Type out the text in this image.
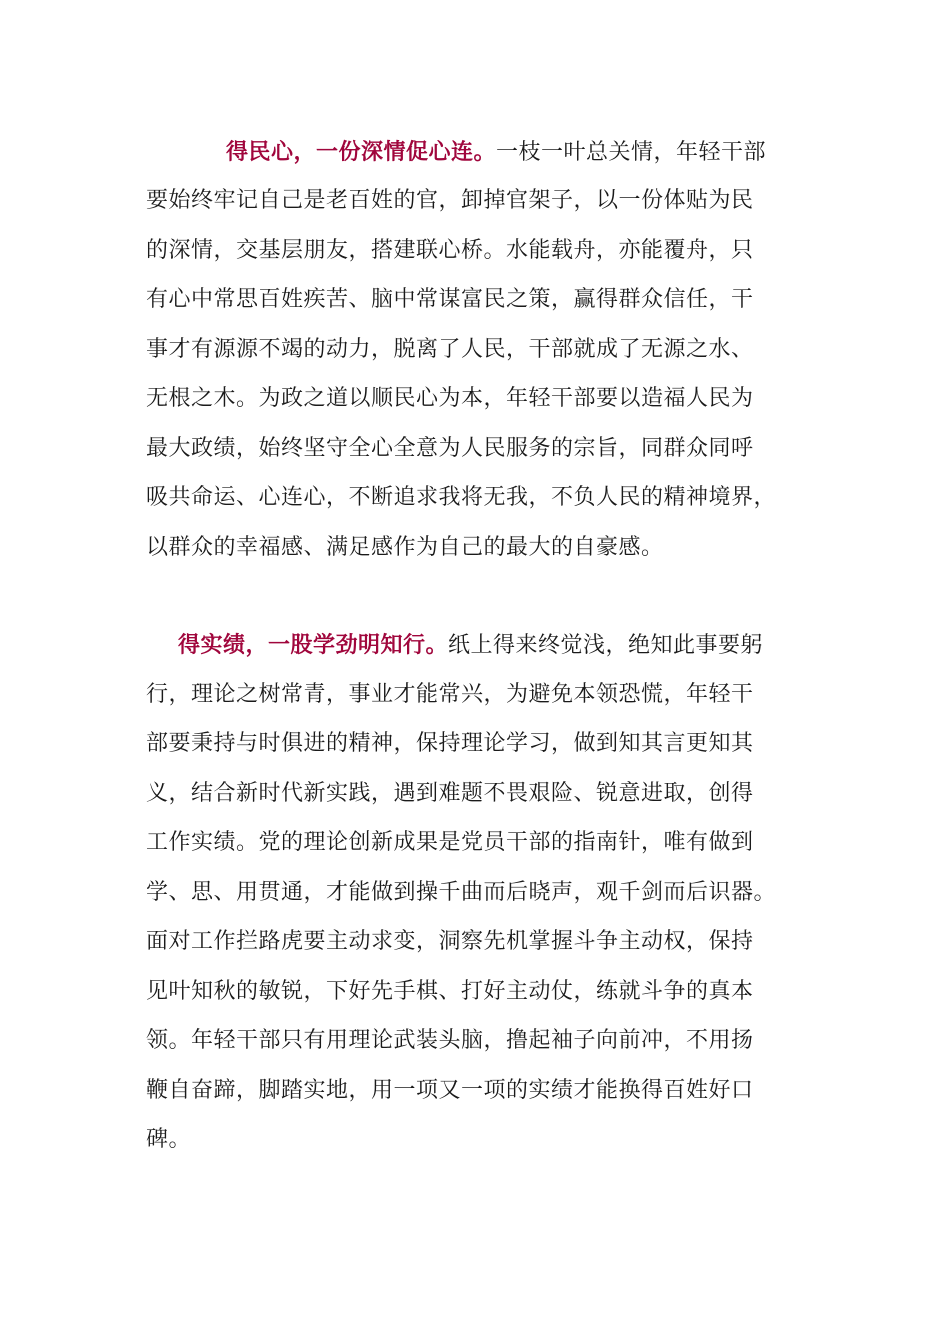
得民心，一份深情促心连。一枝一叶总关情，年轻干部
要始终牢记自己是老百姓的官，卸掉官架子，以一份体贴为民
的深情，交基层朋友，搭建联心桥。水能载舟，亦能覆舟，只
有心中常思百姓疾苦、脑中常谋富民之策，赢得群众信任，干
事才有源源不竭的动力，脱离了人民，干部就成了无源之水、
无根之木。为政之道以顺民心为本，年轻干部要以造福人民为
最大政绩，始终坚守全心全意为人民服务的宗旨，同群众同呼
吸共命运、心连心，不断追求我将无我，不负人民的精神境界，
以群众的幸福感、满足感作为自己的最大的自豪感。
得实绩，一股学劲明知行。纸上得来终觉浅，绝知此事要躬
行，理论之树常青，事业才能常兴，为避免本领恐慌，年轻干
部要秉持与时俱进的精神，保持理论学习，做到知其言更知其
义，结合新时代新实践，遇到难题不畏艰险、锐意进取，创得
工作实绩。党的理论创新成果是党员干部的指南针，唯有做到
学、思、用贯通，才能做到操千曲而后晓声，观千剑而后识器。
面对工作拦路虎要主动求变，洞察先机掌握斗争主动权，保持
见叶知秋的敏锐，下好先手棋、打好主动仗，练就斗争的真本
领。年轻干部只有用理论武装头脑，撸起袖子向前冲，不用扬
鞭自奋蹄，脚踏实地，用一项又一项的实绩才能换得百姓好口
碑。
